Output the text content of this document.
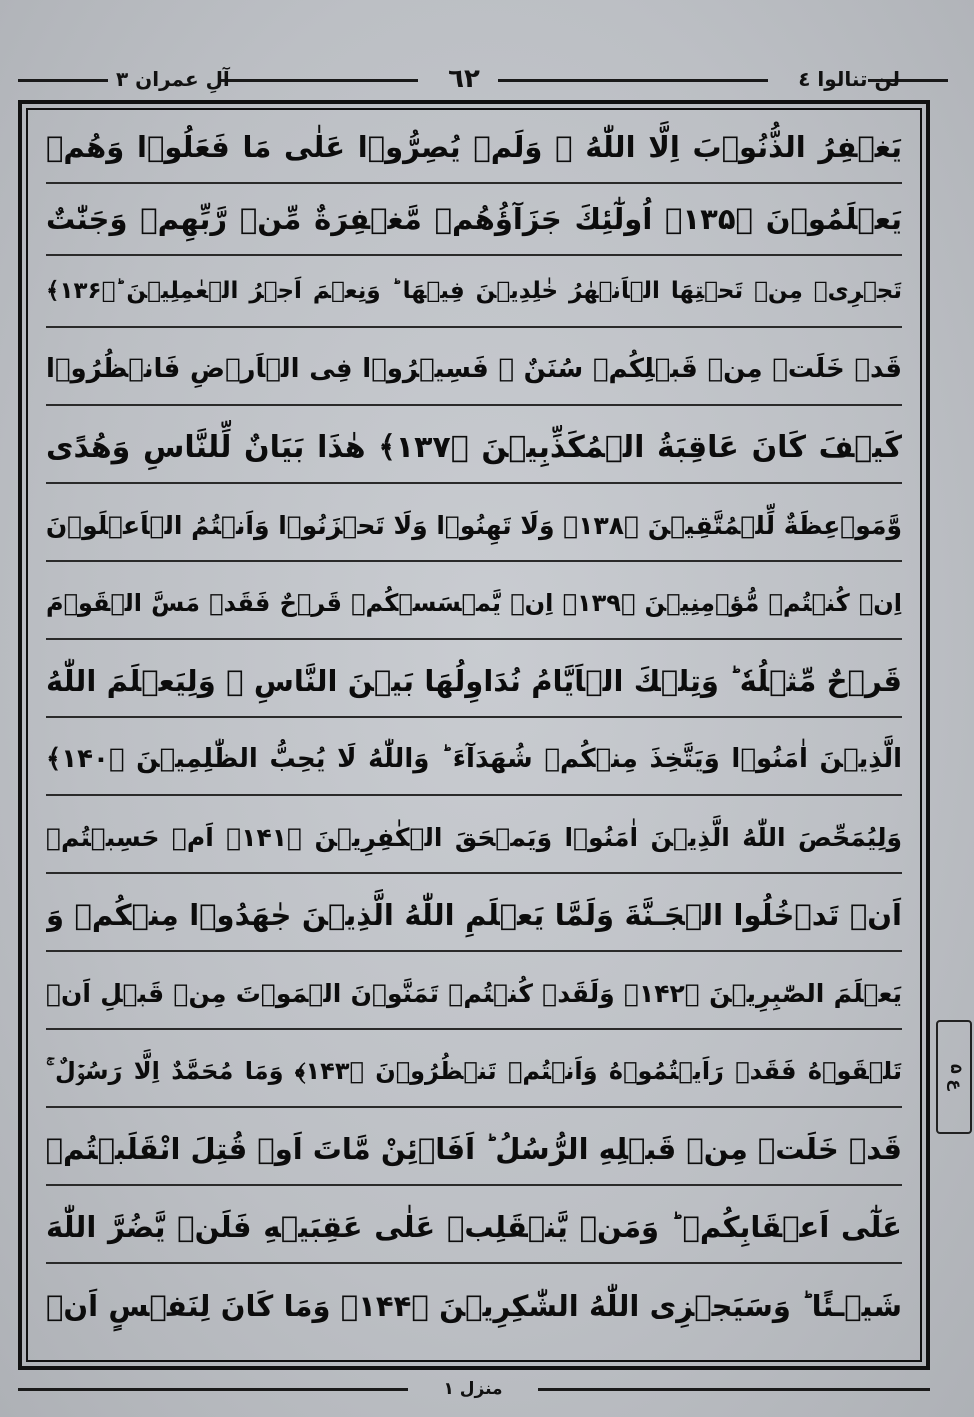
آلِ عمران ٣	٦٢	لن تنالوا ٤
يَغۡفِرُ الذُّنُوۡبَ اِلَّا اللّٰهُ ۟ وَلَمۡ يُصِرُّوۡا عَلٰى مَا فَعَلُوۡا وَهُمۡ
يَعۡلَمُوۡنَ ﴿۱۳۵﴾ اُولٰٓئِكَ جَزَآؤُهُمۡ مَّغۡفِرَةٌ مِّنۡ رَّبِّهِمۡ وَجَنّٰتٌ
تَجۡرِىۡ مِنۡ تَحۡتِهَا الۡاَنۡهٰرُ خٰلِدِيۡنَ فِيۡهَا ؕ وَنِعۡمَ اَجۡرُ الۡعٰمِلِيۡنَ ؕ﴿۱۳۶﴾
قَدۡ خَلَتۡ مِنۡ قَبۡلِكُمۡ سُنَنٌ ۙ فَسِيۡرُوۡا فِى الۡاَرۡضِ فَانۡظُرُوۡا
كَيۡفَ كَانَ عَاقِبَةُ الۡمُكَذِّبِيۡنَ ﴿۱۳۷﴾ هٰذَا بَيَانٌ لِّلنَّاسِ وَهُدًى
وَّمَوۡعِظَةٌ لِّلۡمُتَّقِيۡنَ ﴿۱۳۸﴾ وَلَا تَهِنُوۡا وَلَا تَحۡزَنُوۡا وَاَنۡتُمُ الۡاَعۡلَوۡنَ
اِنۡ كُنۡتُمۡ مُّؤۡمِنِيۡنَ ﴿۱۳۹﴾ اِنۡ يَّمۡسَسۡكُمۡ قَرۡحٌ فَقَدۡ مَسَّ الۡقَوۡمَ
قَرۡحٌ مِّثۡلُهٗ ؕ وَتِلۡكَ الۡاَيَّامُ نُدَاوِلُهَا بَيۡنَ النَّاسِ ۚ وَلِيَعۡلَمَ اللّٰهُ
الَّذِيۡنَ اٰمَنُوۡا وَيَتَّخِذَ مِنۡكُمۡ شُهَدَآءَ ؕ وَاللّٰهُ لَا يُحِبُّ الظّٰلِمِيۡنَ ﴿۱۴۰﴾
وَلِيُمَحِّصَ اللّٰهُ الَّذِيۡنَ اٰمَنُوۡا وَيَمۡحَقَ الۡكٰفِرِيۡنَ ﴿۱۴۱﴾ اَمۡ حَسِبۡتُمۡ
اَنۡ تَدۡخُلُوا الۡجَـنَّةَ وَلَمَّا يَعۡلَمِ اللّٰهُ الَّذِيۡنَ جٰهَدُوۡا مِنۡكُمۡ وَ
يَعۡلَمَ الصّٰبِرِيۡنَ ﴿۱۴۲﴾ وَلَقَدۡ كُنۡتُمۡ تَمَنَّوۡنَ الۡمَوۡتَ مِنۡ قَبۡلِ اَنۡ
تَلۡقَوۡهُ فَقَدۡ رَاَيۡتُمُوۡهُ وَاَنۡتُمۡ تَنۡظُرُوۡنَ ﴿۱۴۳﴾ وَمَا مُحَمَّدٌ اِلَّا رَسُوۡلٌ ۚ
قَدۡ خَلَتۡ مِنۡ قَبۡلِهِ الرُّسُلُ ؕ اَفَا۟ئِنْ مَّاتَ اَوۡ قُتِلَ انْقَلَبۡتُمۡ
عَلٰٓى اَعۡقَابِكُمۡ ؕ وَمَنۡ يَّنۡقَلِبۡ عَلٰى عَقِبَيۡهِ فَلَنۡ يَّضُرَّ اللّٰهَ
شَيۡـئًا ؕ وَسَيَجۡزِى اللّٰهُ الشّٰكِرِيۡنَ ﴿۱۴۴﴾ وَمَا كَانَ لِنَفۡسٍ اَنۡ
ع ۵
منزل ١
